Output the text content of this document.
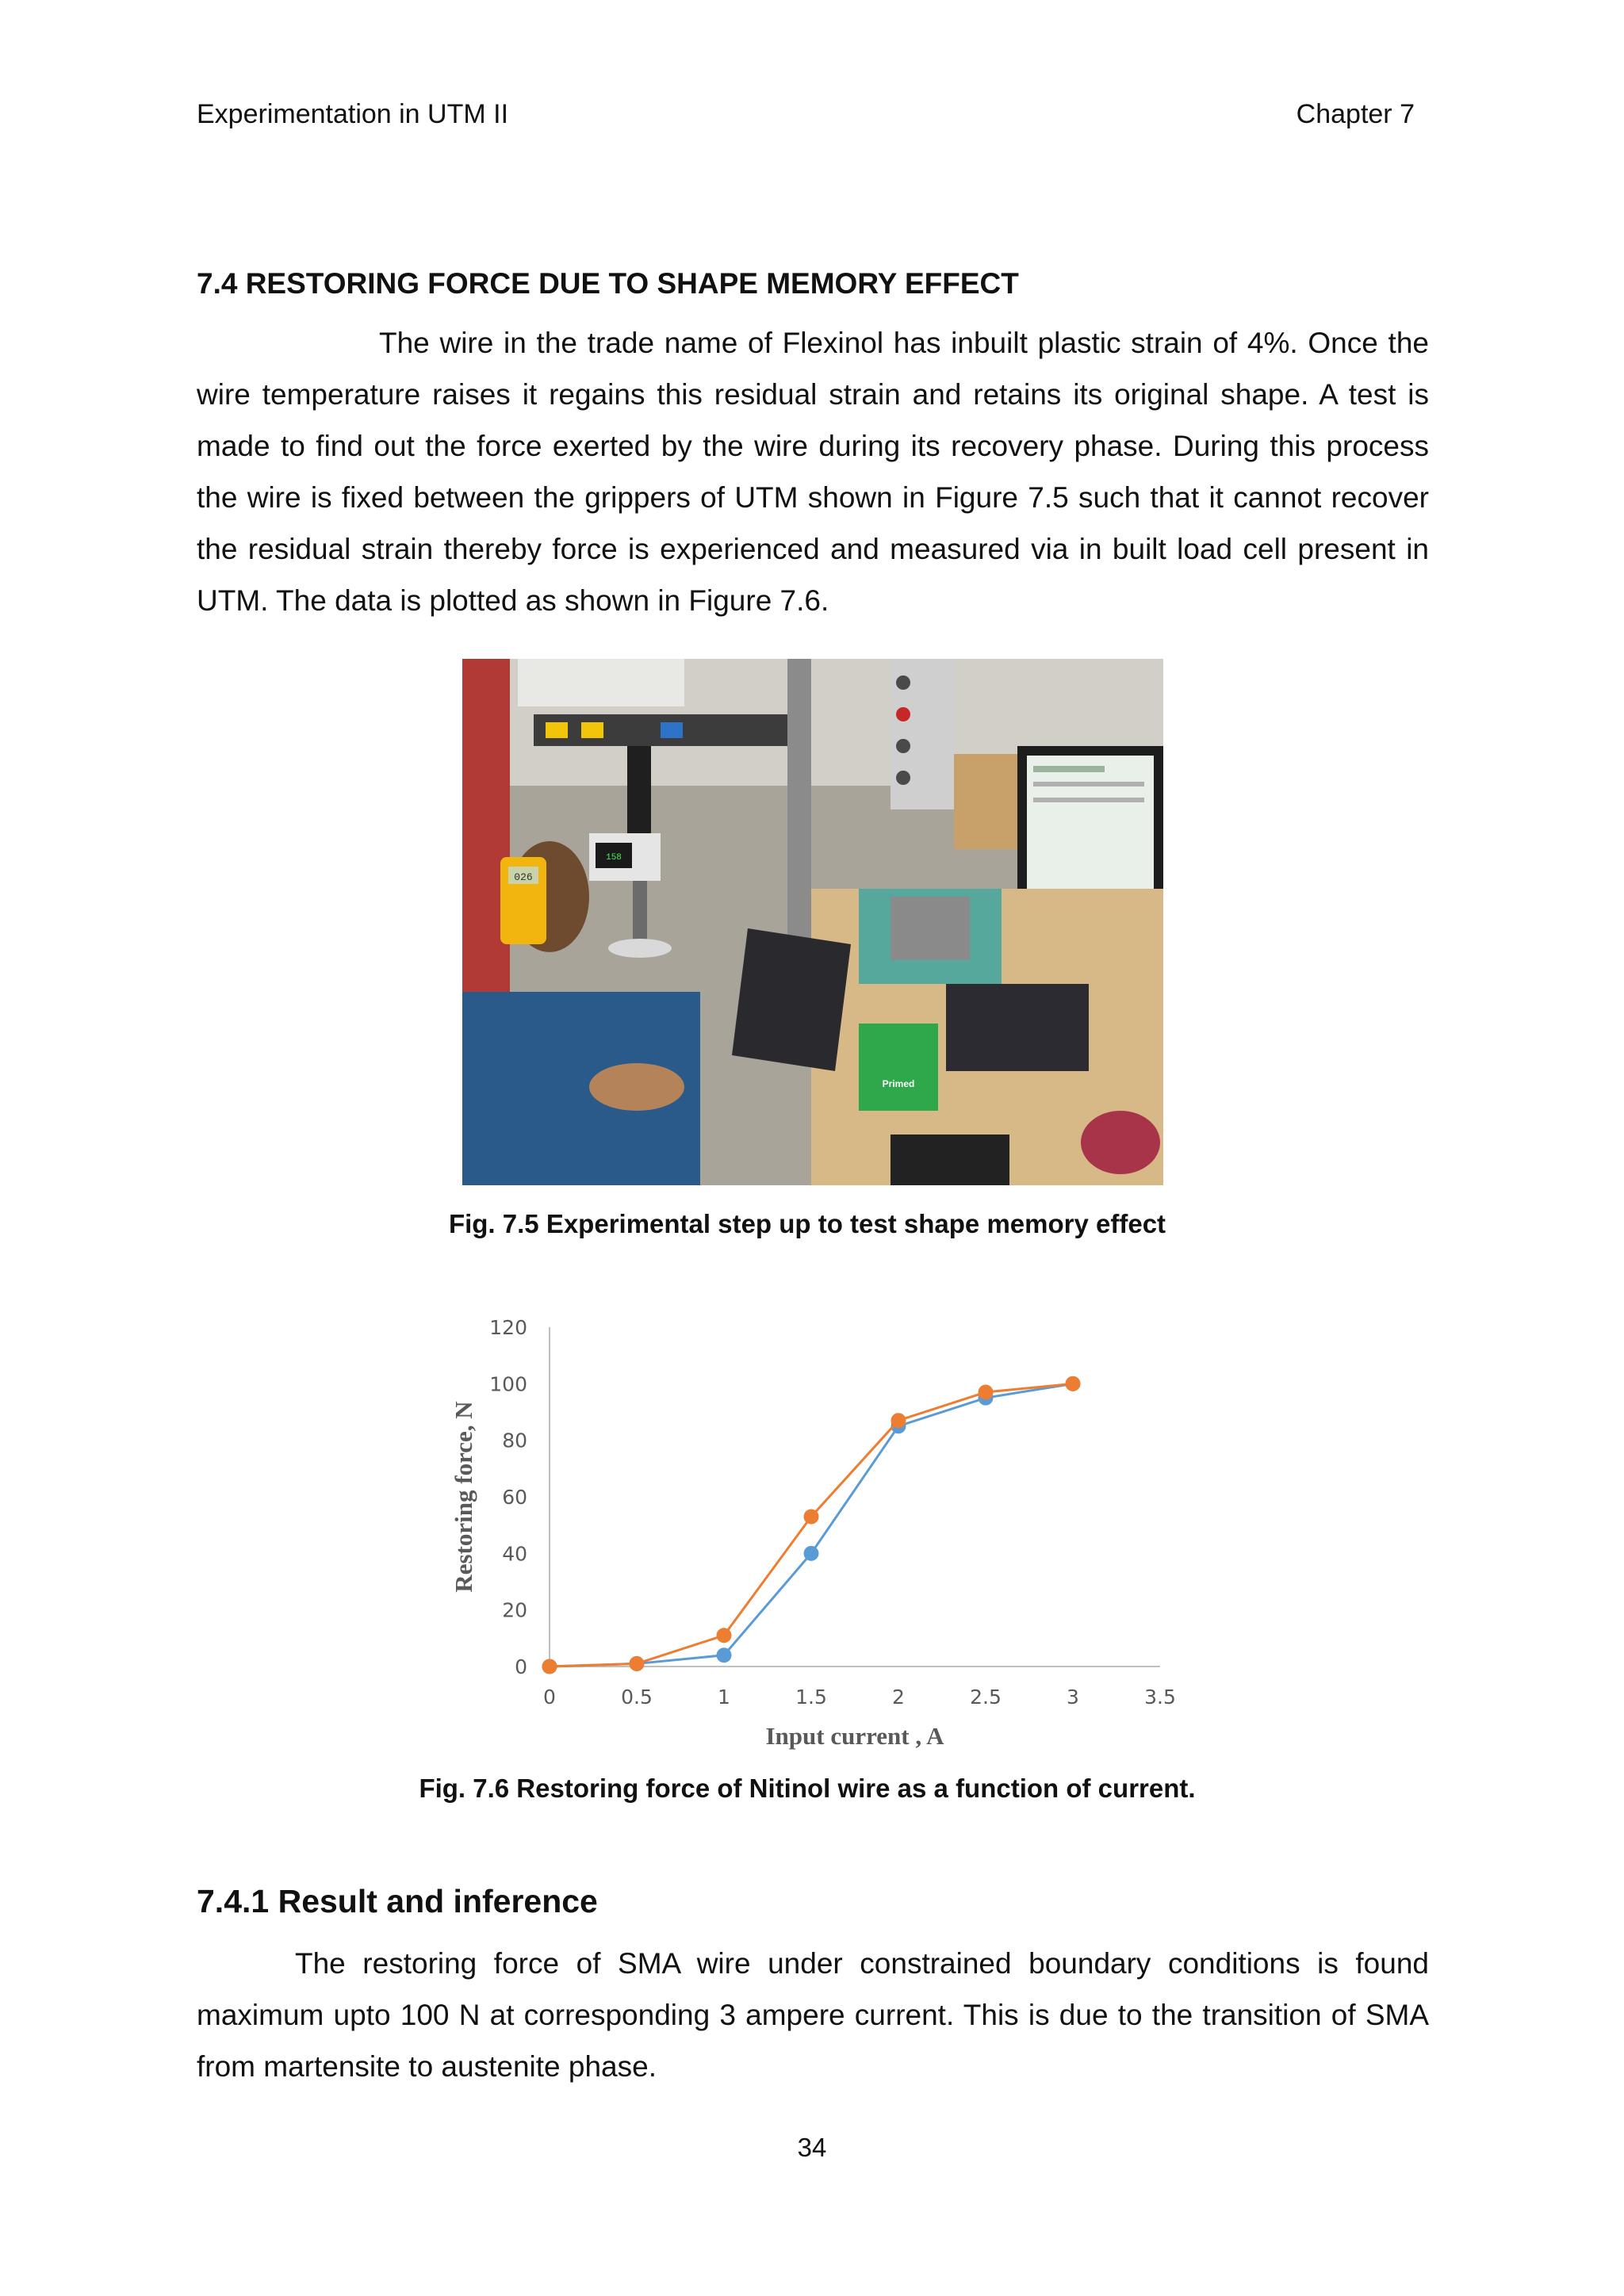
Experimentation in UTM II	Chapter 7
7.4 RESTORING FORCE DUE TO SHAPE MEMORY EFFECT

The wire in the trade name of Flexinol has inbuilt plastic strain of 4%. Once the wire temperature raises it regains this residual strain and retains its original shape. A test is made to find out the force exerted by the wire during its recovery phase. During this process the wire is fixed between the grippers of UTM shown in Figure 7.5 such that it cannot recover the residual strain thereby force is experienced and measured via in built load cell present in UTM. The data is plotted as shown in Figure 7.6.

158
Primed
026
Fig. 7.5 Experimental step up to test shape memory effect
0	0.5	1	1.5	2	2.5	3	3.5
0
20
40
60
80
100
120
Input current , A
Restoring force, N
Fig. 7.6 Restoring force of Nitinol wire as a function of current.
7.4.1 Result and inference

The restoring force of SMA wire under constrained boundary conditions is found maximum upto 100 N at corresponding 3 ampere current. This is due to the transition of SMA from martensite to austenite phase.

34
